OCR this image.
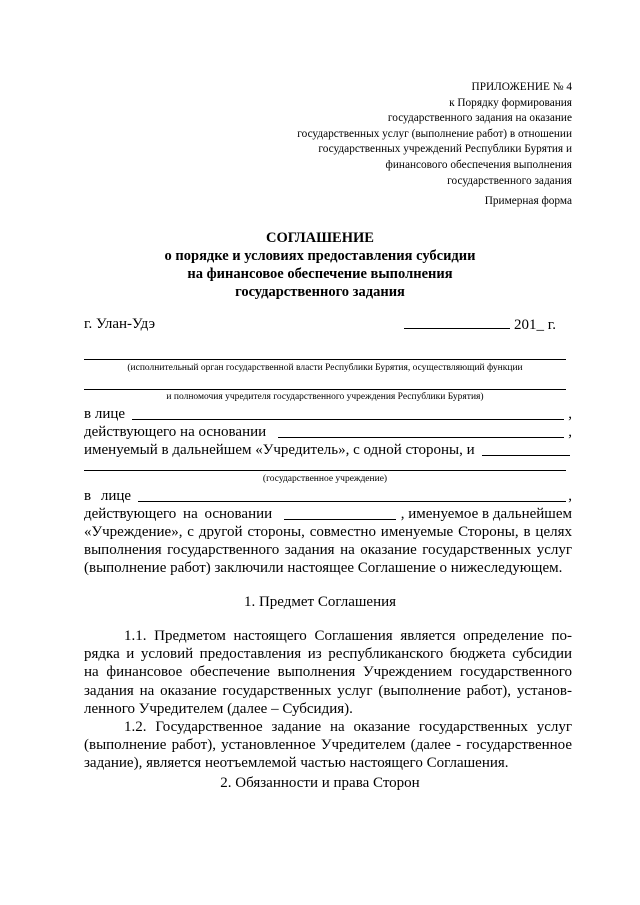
ПРИЛОЖЕНИЕ № 4
к Порядку формирования
государственного задания на оказание
государственных услуг (выполнение работ) в отношении
государственных учреждений Республики Бурятия и
финансового обеспечения выполнения
государственного задания
Примерная форма
СОГЛАШЕНИЕ
о порядке и условиях предоставления субсидии
на финансовое обеспечение выполнения
государственного задания
г. Улан-Удэ	201_ г.
(исполнительный орган государственной власти Республики Бурятия, осуществляющий функции
и полномочия учредителя государственного учреждения Республики Бурятия)
в лице	,
действующего на основании	,
именуемый в дальнейшем «Учредитель», с одной стороны, и
(государственное учреждение)
в лице	,
действующего на основании	, именуемое в дальнейшем
«Учреждение», с другой стороны, совместно именуемые Стороны, в целях
выполнения государственного задания на оказание государственных услуг
(выполнение работ) заключили настоящее Соглашение о нижеследующем.
1. Предмет Соглашения
1.1. Предметом настоящего Соглашения является определение по-
рядка и условий предоставления из республиканского бюджета субсидии
на финансовое обеспечение выполнения Учреждением государственного
задания на оказание государственных услуг (выполнение работ), установ-
ленного Учредителем (далее – Субсидия).
1.2. Государственное задание на оказание государственных услуг
(выполнение работ), установленное Учредителем (далее - государственное
задание), является неотъемлемой частью настоящего Соглашения.
2. Обязанности и права Сторон
